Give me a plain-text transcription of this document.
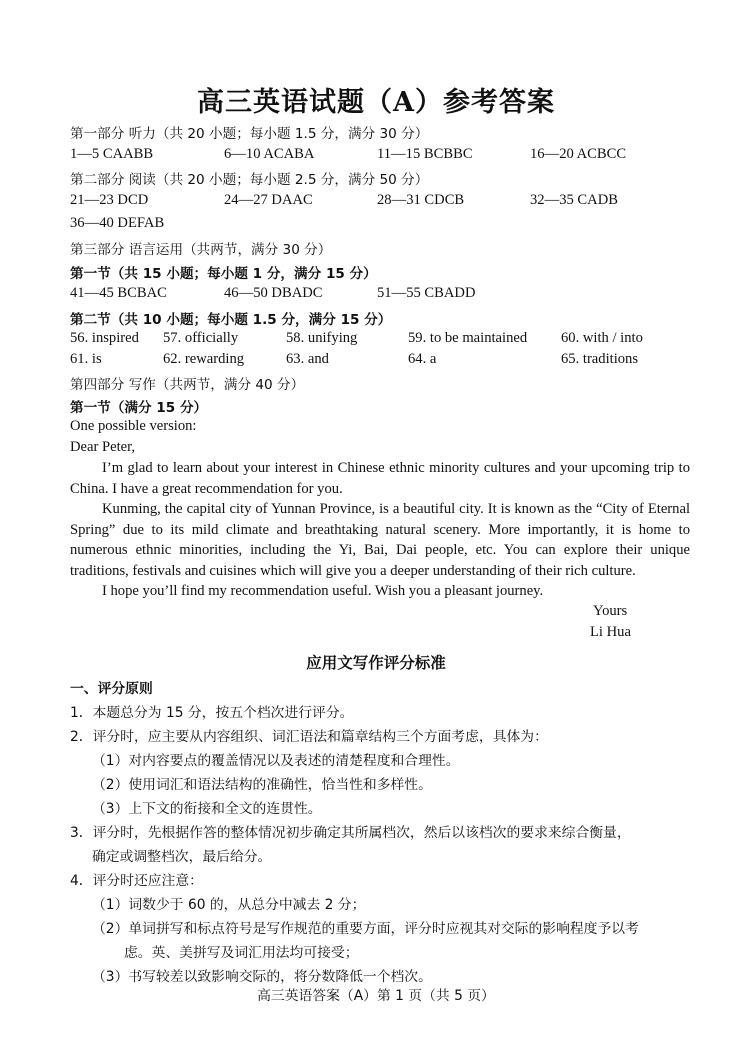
高三英语试题（A）参考答案
第一部分 听力（共 20 小题；每小题 1.5 分，满分 30 分）
1—5 CAABB	6—10 ACABA	11—15 BCBBC	16—20 ACBCC
第二部分 阅读（共 20 小题；每小题 2.5 分，满分 50 分）
21—23 DCD	24—27 DAAC	28—31 CDCB	32—35 CADB
36—40 DEFAB
第三部分 语言运用（共两节，满分 30 分）
第一节（共 15 小题；每小题 1 分，满分 15 分）
41—45 BCBAC	46—50 DBADC	51—55 CBADD
第二节（共 10 小题；每小题 1.5 分，满分 15 分）
56. inspired 57. officially	58. unifying	59. to be maintained 60. with / into
61. is	62. rewarding	63. and	64. a	65. traditions
第四部分 写作（共两节，满分 40 分）
第一节（满分 15 分）
One possible version:
Dear Peter,
I’m glad to learn about your interest in Chinese ethnic minority cultures and your upcoming trip to China. I have a great recommendation for you.
Kunming, the capital city of Yunnan Province, is a beautiful city. It is known as the “City of Eternal Spring” due to its mild climate and breathtaking natural scenery. More importantly, it is home to numerous ethnic minorities, including the Yi, Bai, Dai people, etc. You can explore their unique traditions, festivals and cuisines which will give you a deeper understanding of their rich culture.
I hope you’ll find my recommendation useful. Wish you a pleasant journey.
Yours
Li Hua
应用文写作评分标准
一、评分原则
1．本题总分为 15 分，按五个档次进行评分。
2．评分时，应主要从内容组织、词汇语法和篇章结构三个方面考虑，具体为：
（1）对内容要点的覆盖情况以及表述的清楚程度和合理性。
（2）使用词汇和语法结构的准确性，恰当性和多样性。
（3）上下文的衔接和全文的连贯性。
3．评分时，先根据作答的整体情况初步确定其所属档次，然后以该档次的要求来综合衡量，
确定或调整档次，最后给分。
4．评分时还应注意：
（1）词数少于 60 的，从总分中减去 2 分；
（2）单词拼写和标点符号是写作规范的重要方面，评分时应视其对交际的影响程度予以考
虑。英、美拼写及词汇用法均可接受；
（3）书写较差以致影响交际的，将分数降低一个档次。
高三英语答案（A）第 1 页（共 5 页）
